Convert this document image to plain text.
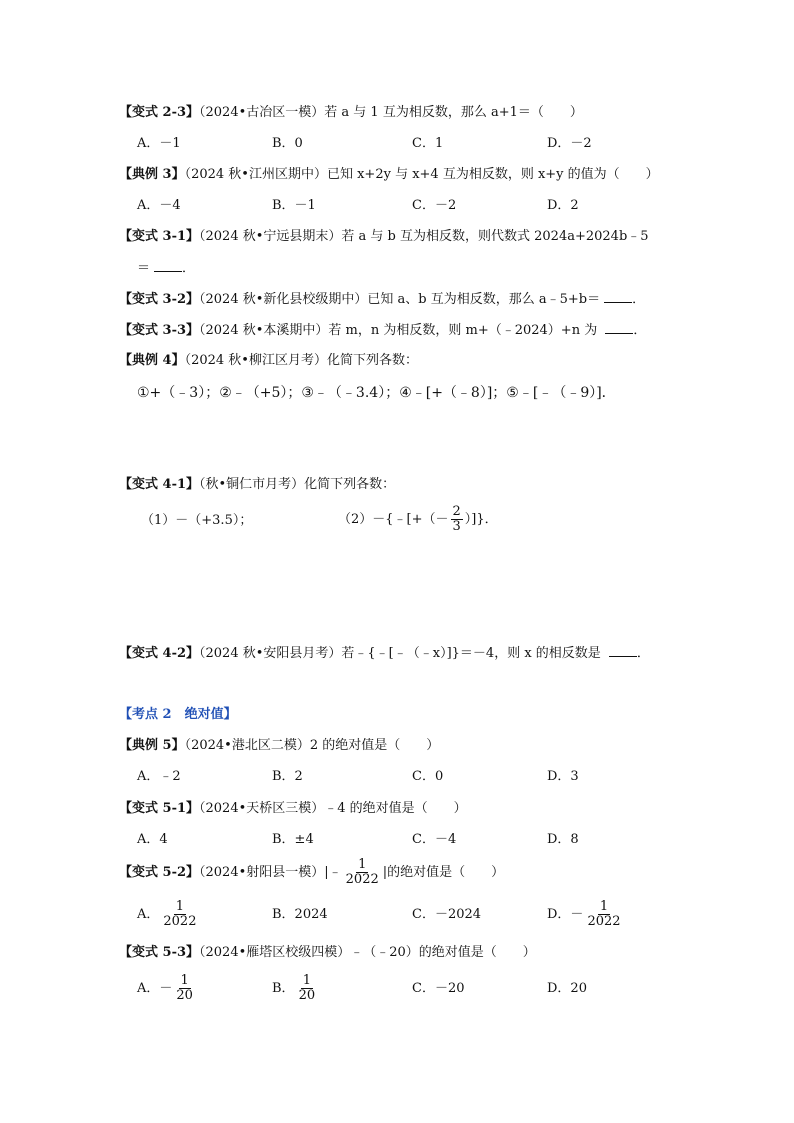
【变式 2-3】（2024•古冶区一模）若 a 与 1 互为相反数，那么 a+1＝（　　）
A．－1	B．0	C．1	D．－2
【典例 3】（2024 秋•江州区期中）已知 x+2y 与 x+4 互为相反数，则 x+y 的值为（　　）
A．－4	B．－1	C．－2	D．2
【变式 3-1】（2024 秋•宁远县期末）若 a 与 b 互为相反数，则代数式 2024a+2024b﹣5
＝ ．
【变式 3-2】（2024 秋•新化县校级期中）已知 a、b 互为相反数，那么 a﹣5+b＝ ．
【变式 3-3】（2024 秋•本溪期中）若 m，n 为相反数，则 m+（﹣2024）+n 为 ．
【典例 4】（2024 秋•柳江区月考）化简下列各数：
①+（﹣3）；②﹣（+5）；③﹣（﹣3.4）；④﹣[+（﹣8）]；⑤﹣[﹣（﹣9）]．
【变式 4-1】（秋•铜仁市月考）化简下列各数：
（1）－（+3.5）；	（2）－{﹣[+（－ $\frac{2}{3}$ ）]}．
【变式 4-2】（2024 秋•安阳县月考）若﹣{﹣[﹣（﹣x）]}＝－4，则 x 的相反数是 ．
【考点 2　绝对值】
【典例 5】（2024•港北区二模）2 的绝对值是（　　）
A．﹣2	B．2	C．0	D．3
【变式 5-1】（2024•天桥区三模）﹣4 的绝对值是（　　）
A．4	B．±4	C．－4	D．8
【变式 5-2】（2024•射阳县一模）|﹣ $\frac{1}{2022}$ |的绝对值是（　　）
A． $\frac{1}{2022}$	B．2024	C．－2024	D．－ $\frac{1}{2022}$
【变式 5-3】（2024•雁塔区校级四模）﹣（﹣20）的绝对值是（　　）
A．－ $\frac{1}{20}$	B． $\frac{1}{20}$	C．－20	D．20
